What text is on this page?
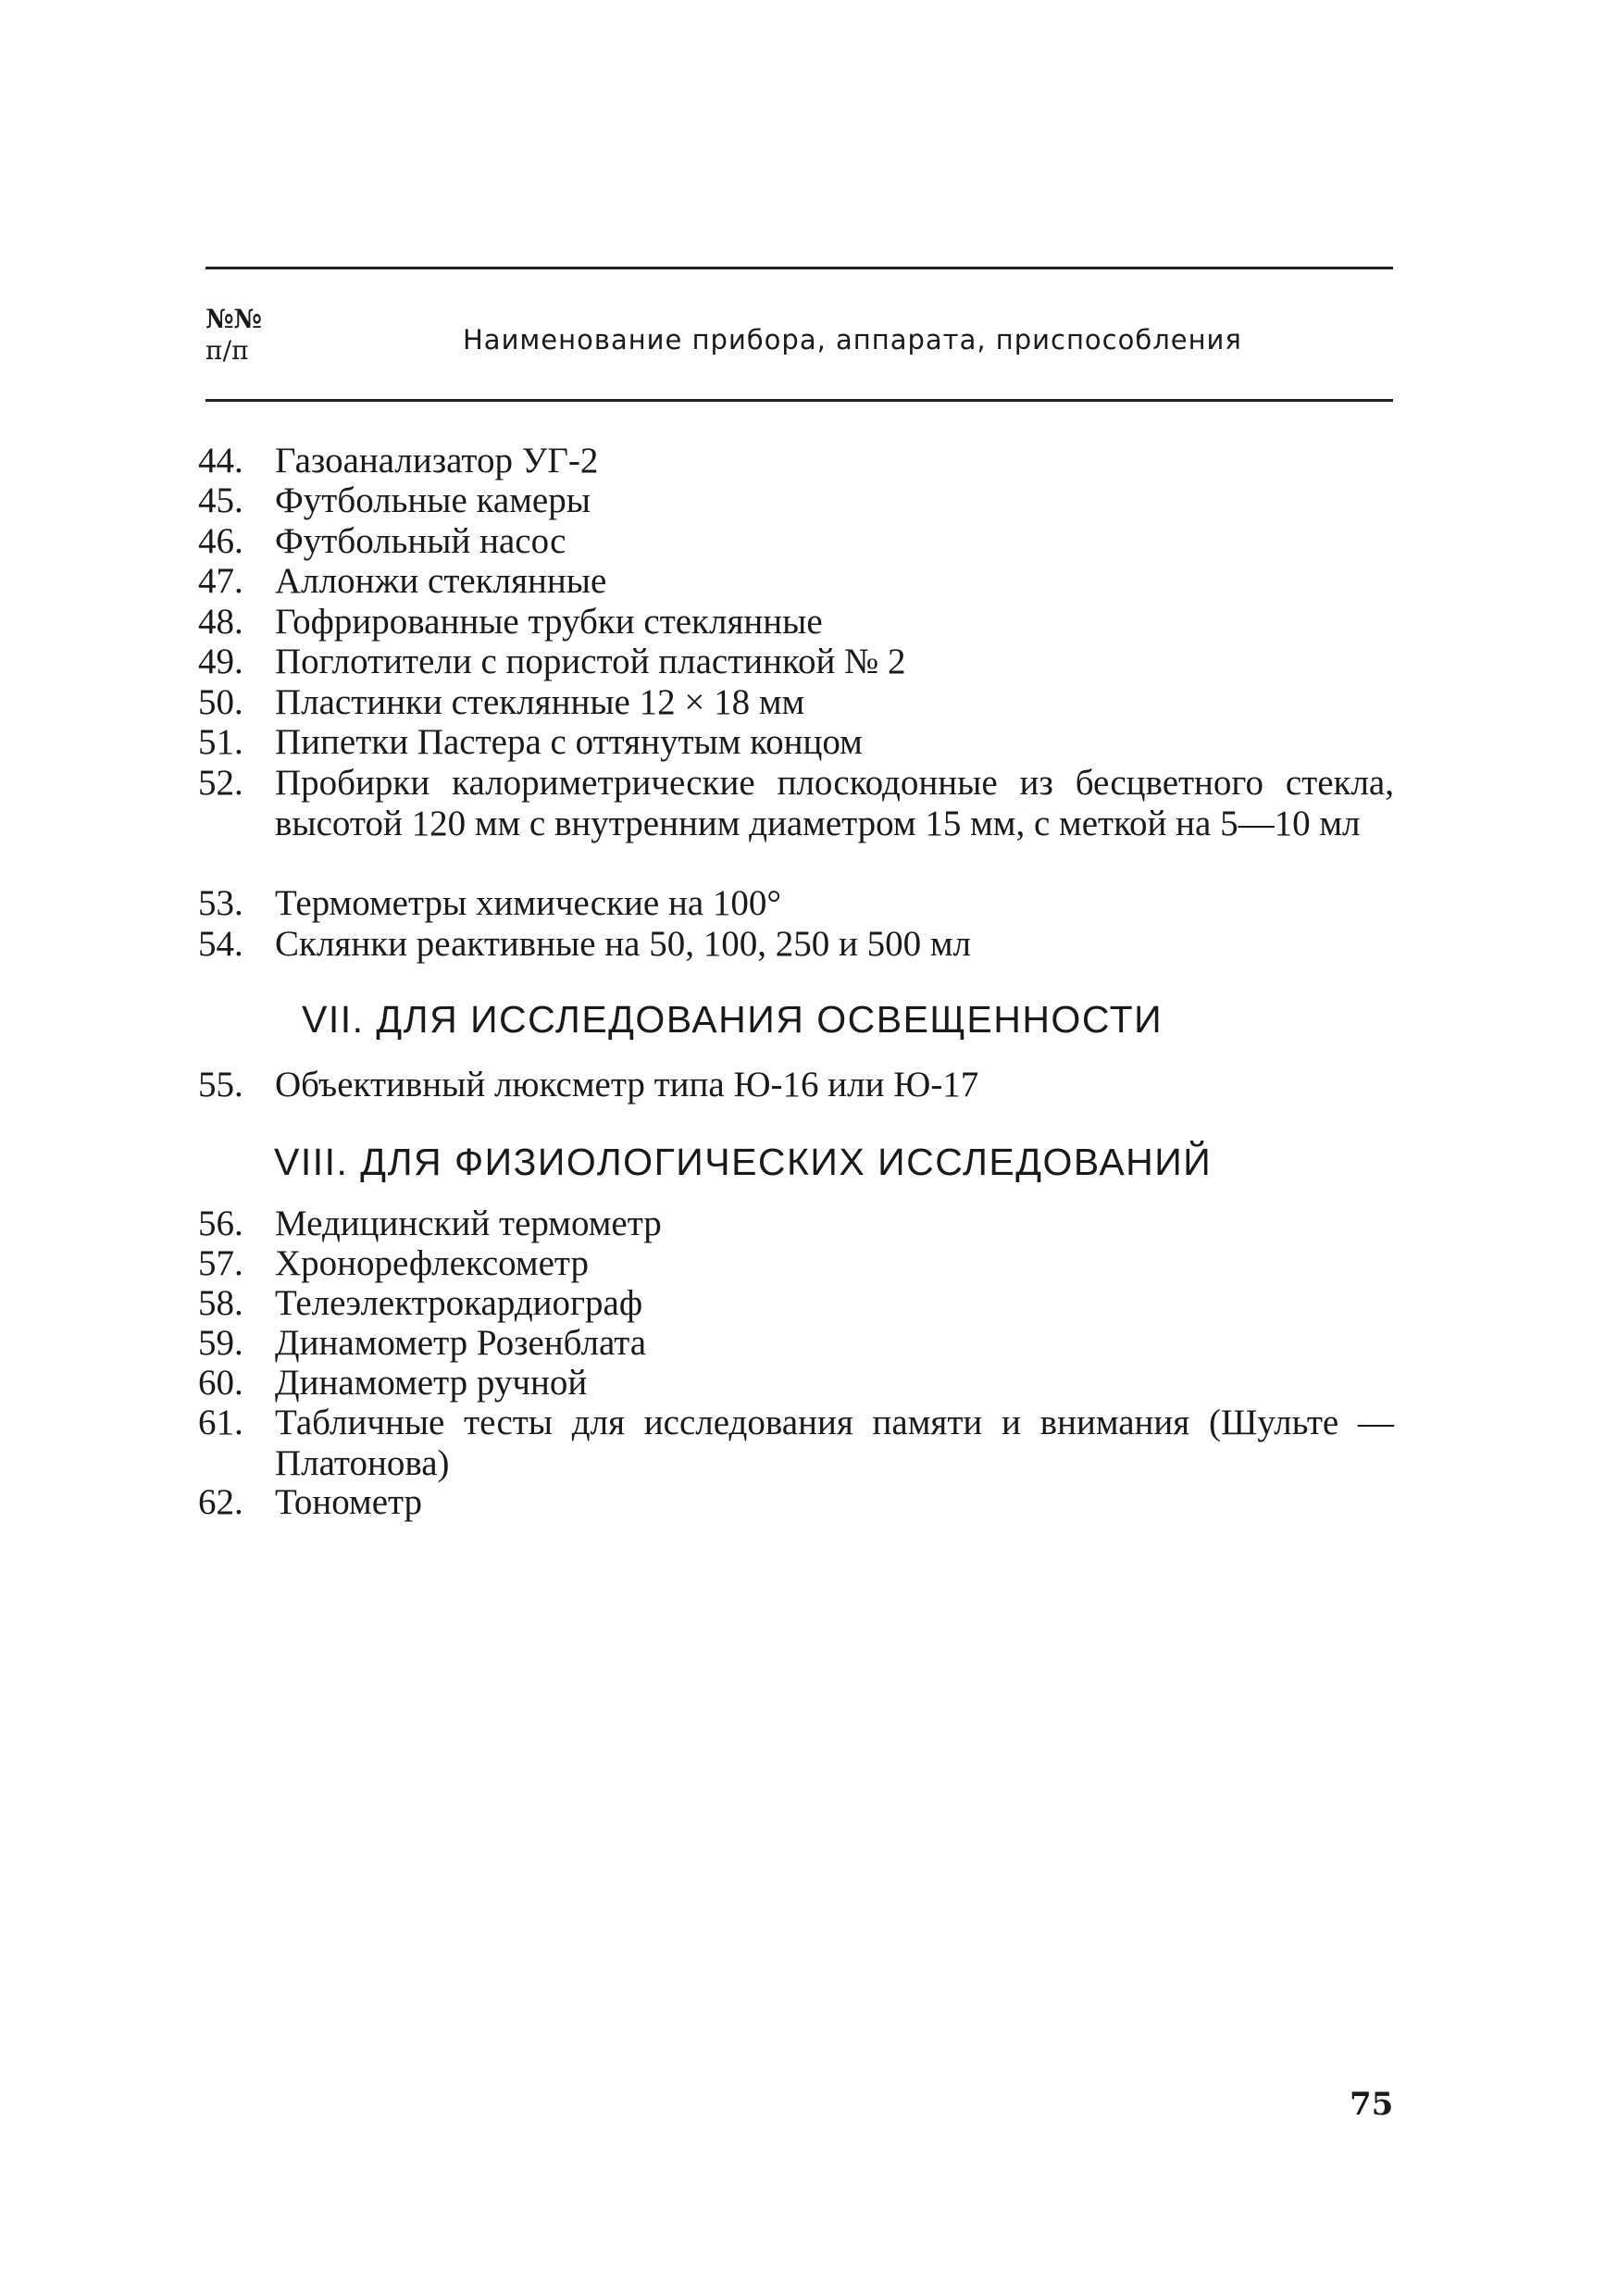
№№
п/п	Наименование прибора, аппарата, приспособления
44. Газоанализатор УГ-2
45. Футбольные камеры
46. Футбольный насос
47. Аллонжи стеклянные
48. Гофрированные трубки стеклянные
49. Поглотители с пористой пластинкой № 2
50. Пластинки стеклянные 12 × 18 мм
51. Пипетки Пастера с оттянутым концом
52. Пробирки калориметрические плоскодонные из бесцветного стекла, высотой 120 мм с внутренним диаметром 15 мм, с меткой на 5—10 мл
53. Термометры химические на 100°
54. Склянки реактивные на 50, 100, 250 и 500 мл
VII. ДЛЯ ИССЛЕДОВАНИЯ ОСВЕЩЕННОСТИ
55. Объективный люксметр типа Ю-16 или Ю-17
VIII. ДЛЯ ФИЗИОЛОГИЧЕСКИХ ИССЛЕДОВАНИЙ
56. Медицинский термометр
57. Хронорефлексометр
58. Телеэлектрокардиограф
59. Динамометр Розенблата
60. Динамометр ручной
61. Табличные тесты для исследования памяти и внимания (Шульте — Платонова)
62. Тонометр
75
